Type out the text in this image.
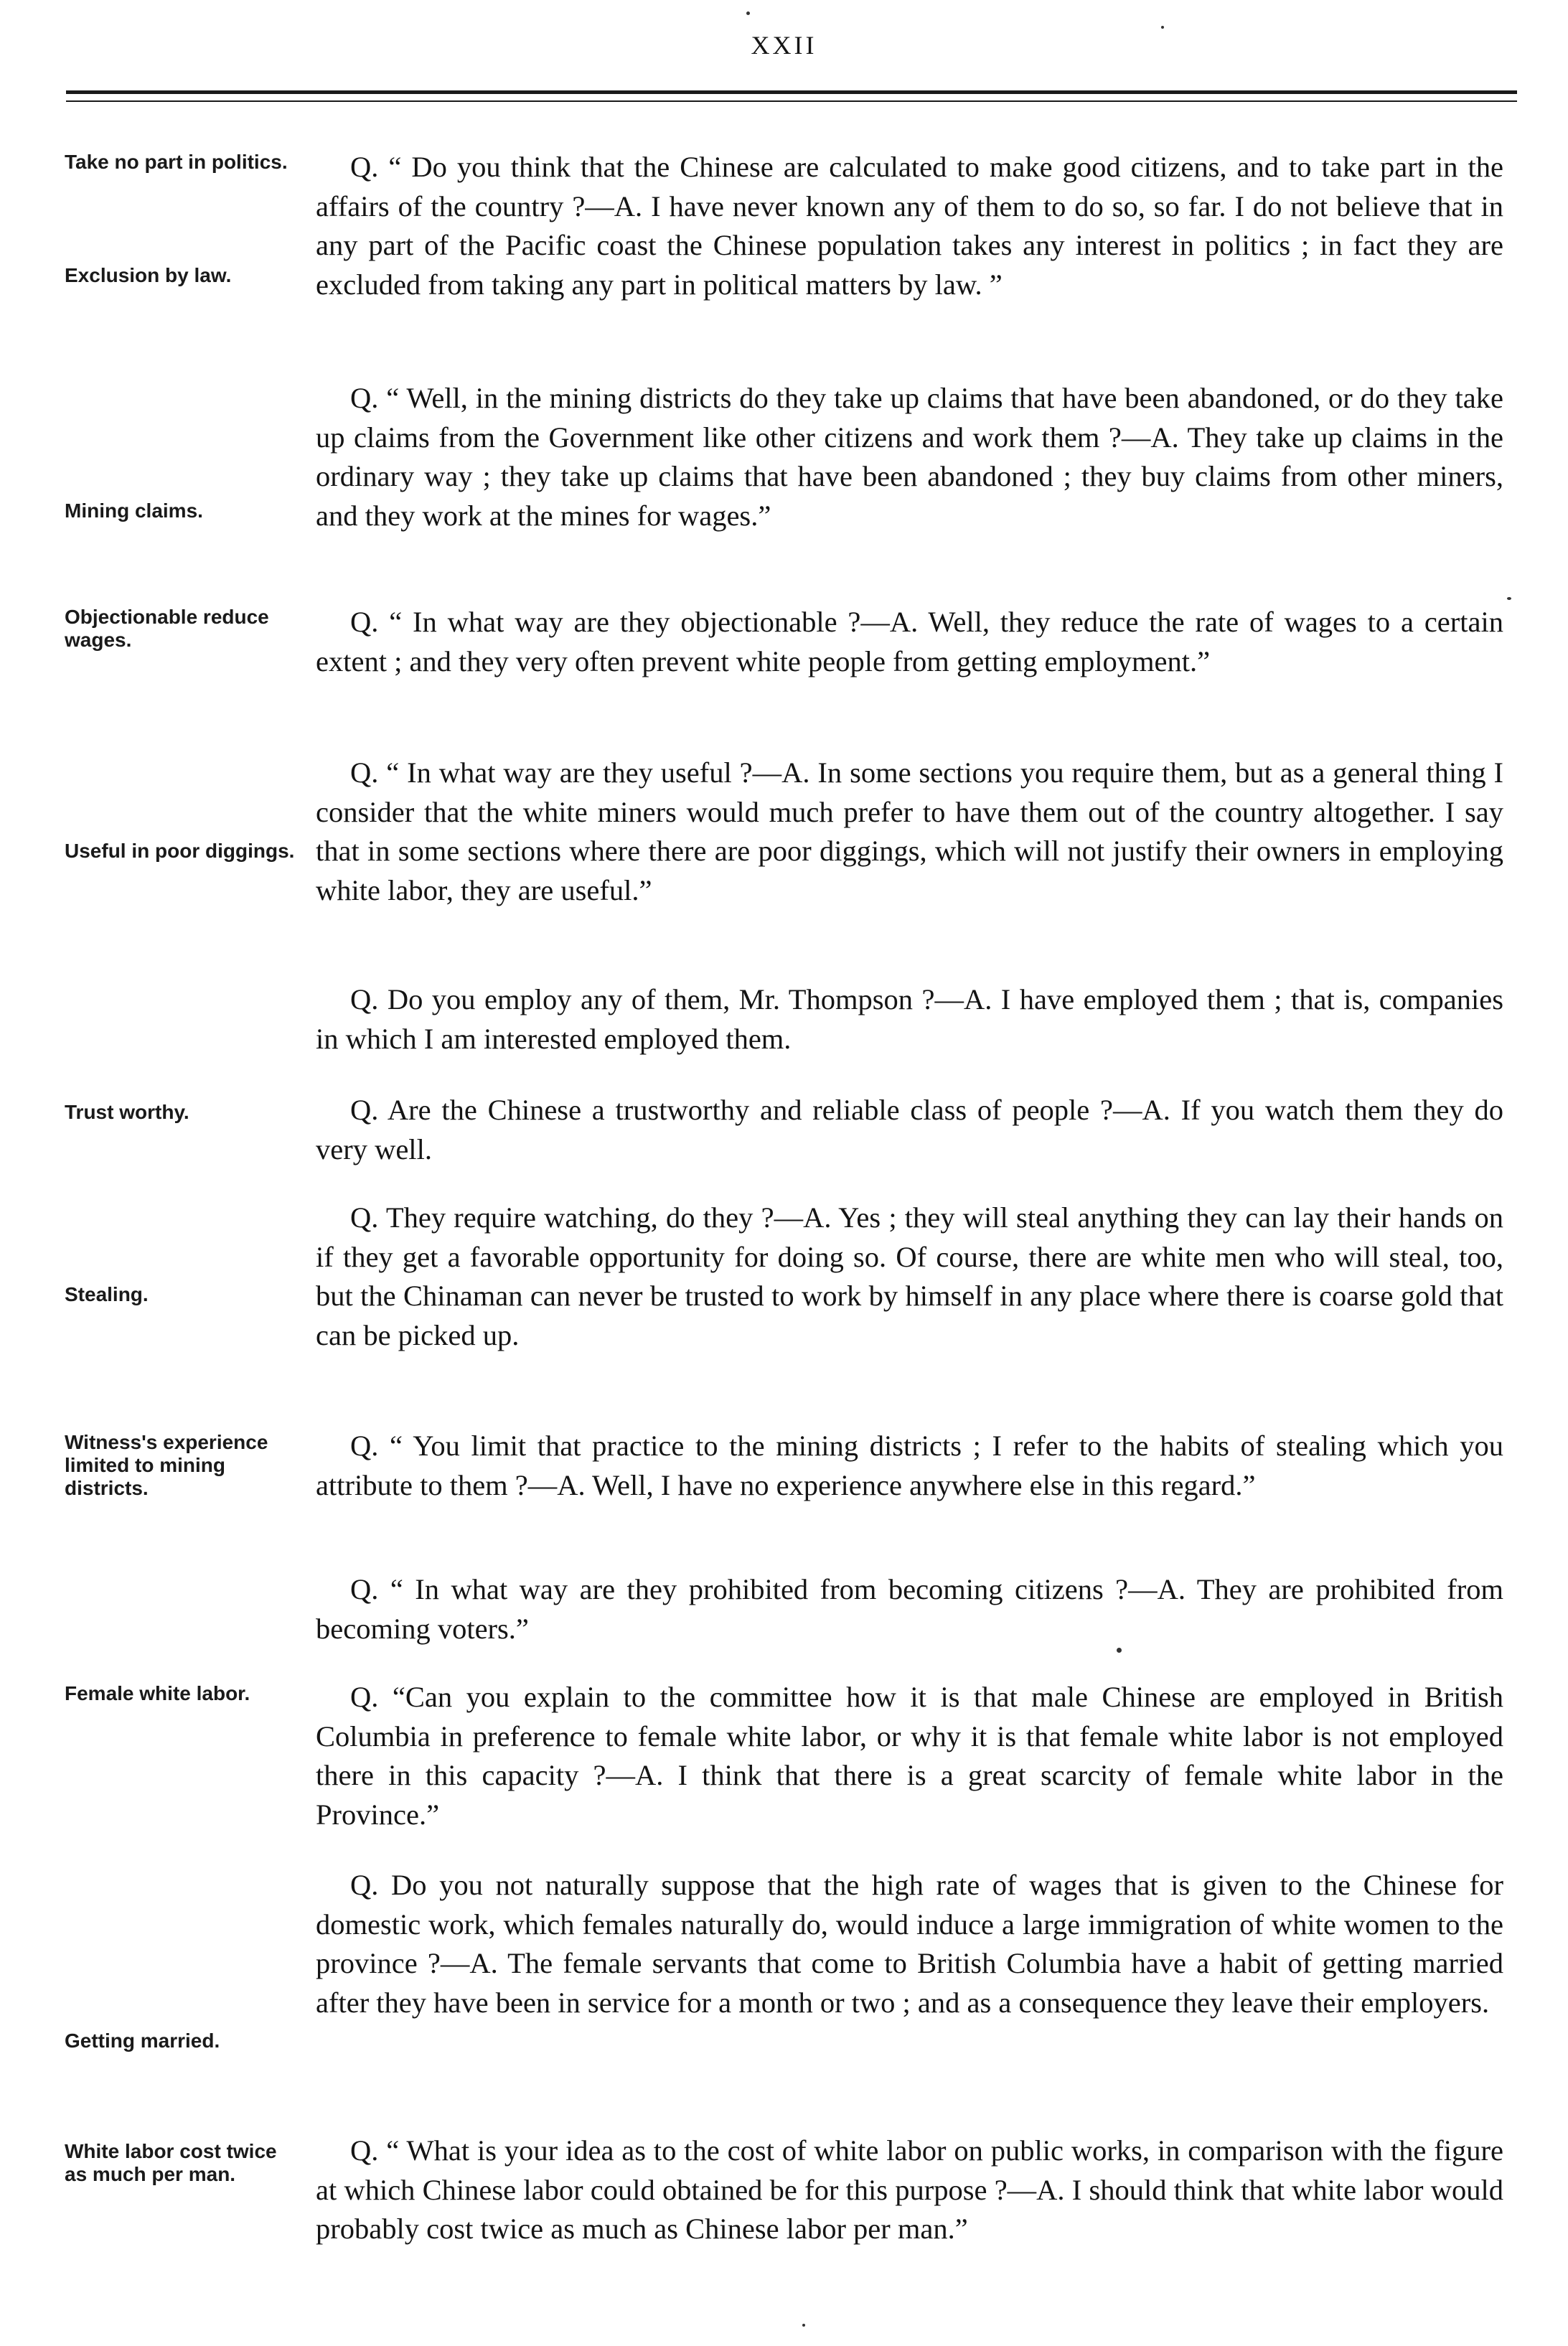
XXII
Take no part in politics.
Exclusion by law.
Q. “ Do you think that the Chinese are calculated to make good citizens, and to take part in the affairs of the country ?—A. I have never known any of them to do so, so far. I do not believe that in any part of the Pacific coast the Chinese population takes any interest in politics ; in fact they are excluded from taking any part in political matters by law. ”
Mining claims.
Q. “ Well, in the mining districts do they take up claims that have been abandoned, or do they take up claims from the Government like other citizens and work them ?—A. They take up claims in the ordinary way ; they take up claims that have been abandoned ; they buy claims from other miners, and they work at the mines for wages.”
Objectionable reduce wages.
Q. “ In what way are they objectionable ?—A. Well, they reduce the rate of wages to a certain extent ; and they very often prevent white people from getting employment.”
Useful in poor diggings.
Q. “ In what way are they useful ?—A. In some sections you require them, but as a general thing I consider that the white miners would much prefer to have them out of the country altogether. I say that in some sections where there are poor diggings, which will not justify their owners in employing white labor, they are useful.”
Q. Do you employ any of them, Mr. Thompson ?—A. I have employed them ; that is, companies in which I am interested employed them.
Trust worthy.	Q. Are the Chinese a trustworthy and reliable class of people ?—A. If you watch them they do very well.
Stealing.
Q. They require watching, do they ?—A. Yes ; they will steal anything they can lay their hands on if they get a favorable opportunity for doing so. Of course, there are white men who will steal, too, but the Chinaman can never be trusted to work by himself in any place where there is coarse gold that can be picked up.
Witness's experience limited to mining districts.
Q. “ You limit that practice to the mining districts ; I refer to the habits of stealing which you attribute to them ?—A. Well, I have no experience anywhere else in this regard.”
Q. “ In what way are they prohibited from becoming citizens ?—A. They are prohibited from becoming voters.”
Female white labor.	Q. “Can you explain to the committee how it is that male Chinese are employed in British Columbia in preference to female white labor, or why it is that female white labor is not employed there in this capacity ?—A. I think that there is a great scarcity of female white labor in the Province.”
Getting married.
Q. Do you not naturally suppose that the high rate of wages that is given to the Chinese for domestic work, which females naturally do, would induce a large immigration of white women to the province ?—A. The female servants that come to British Columbia have a habit of getting married after they have been in service for a month or two ; and as a consequence they leave their employers.
White labor cost twice as much per man.
Q. “ What is your idea as to the cost of white labor on public works, in comparison with the figure at which Chinese labor could obtained be for this purpose ?—A. I should think that white labor would probably cost twice as much as Chinese labor per man.”
